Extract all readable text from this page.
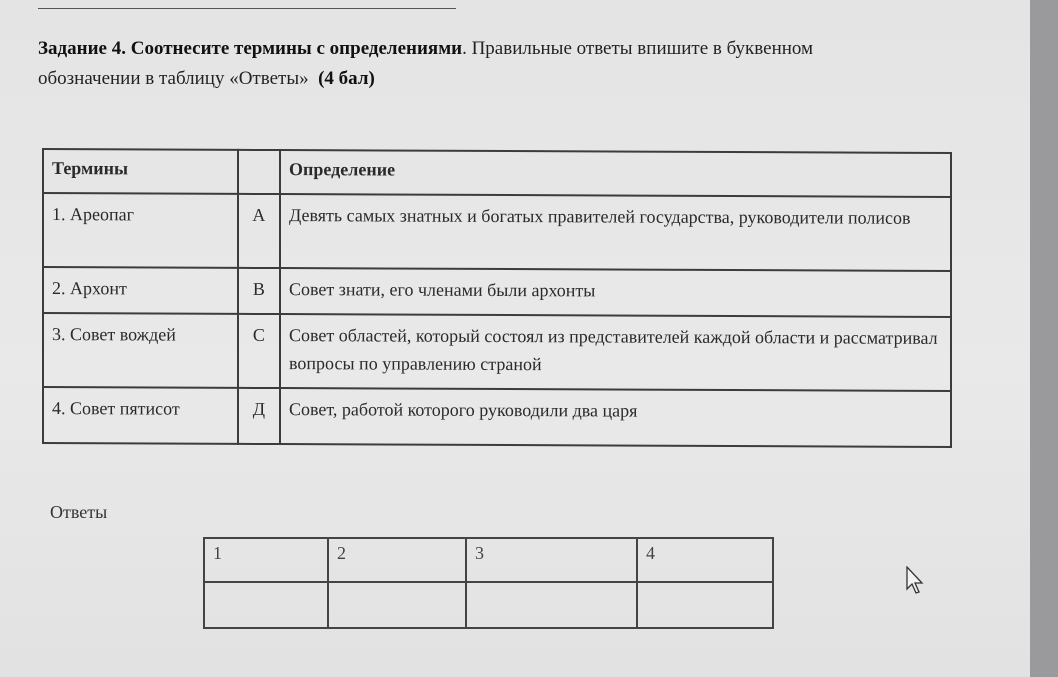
Задание 4. Соотнесите термины с определениями. Правильные ответы впишите в буквенном обозначении в таблицу «Ответы» (4 бал)
Термины		Определение
1. Ареопаг	А	Девять самых знатных и богатых правителей государства, руководители полисов
2. Архонт	В	Совет знати, его членами были архонты
3. Совет вождей	С	Совет областей, который состоял из представителей каждой области и рассматривал вопросы по управлению страной
4. Совет пятисот	Д	Совет, работой которого руководили два царя
Ответы
1	2	3	4
